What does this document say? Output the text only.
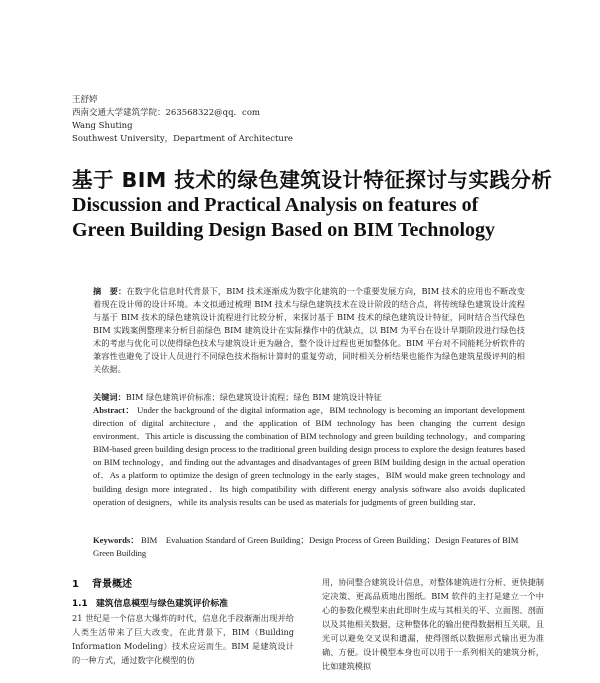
王舒婷
西南交通大学建筑学院：263568322@qq．com
Wang Shuting
Southwest University，Department of Architecture
基于 BIM 技术的绿色建筑设计特征探讨与实践分析
Discussion and Practical Analysis on features of
Green Building Design Based on BIM Technology
摘　要：在数字化信息时代背景下，BIM 技术逐渐成为数字化建筑的一个重要发展方向，BIM 技术的应用也不断改变着现在设计师的设计环境。本文拟通过梳理 BIM 技术与绿色建筑技术在设计阶段的结合点，将传统绿色建筑设计流程与基于 BIM 技术的绿色建筑设计流程进行比较分析，来探讨基于 BIM 技术的绿色建筑设计特征，同时结合当代绿色 BIM 实践案例整理来分析目前绿色 BIM 建筑设计在实际操作中的优缺点，以 BIM 为平台在设计早期阶段进行绿色技术的考虑与优化可以使得绿色技术与建筑设计更为融合，整个设计过程也更加整体化。BIM 平台对不同能耗分析软件的兼容性也避免了设计人员进行不同绿色技术指标计算时的重复劳动，同时相关分析结果也能作为绿色建筑星级评判的相关依据。
关键词：BIM 绿色建筑评价标准；绿色建筑设计流程；绿色 BIM 建筑设计特征
Abstract： Under the background of the digital information age，BIM technology is becoming an important development direction of digital architecture，and the application of BIM technology has been changing the current design environment．This article is discussing the combination of BIM technology and green building technology，and comparing BIM-based green building design process to the traditional green building design process to explore the design features based on BIM technology，and finding out the advantages and disadvantages of green BIM building design in the actual operation of．As a platform to optimize the design of green technology in the early stages，BIM would make green technology and building design more integrated．Its high compatibility with different energy analysis software also avoids duplicated operation of designers，while its analysis results can be used as materials for judgments of green building star．
Keywords： BIM　Evaluation Standard of Green Building；Design Process of Green Building；Design Features of BIM Green Building
1 背景概述
1.1 建筑信息模型与绿色建筑评价标准
21 世纪是一个信息大爆炸的时代，信息化手段渐渐出现并给人类生活带来了巨大改变，在此背景下，BIM（Building Information Modeling）技术应运而生。BIM 是建筑设计的一种方式，通过数字化模型的仿
用，协同整合建筑设计信息，对整体建筑进行分析、更快捷制定决策、更高品质地出图纸。BIM 软件的主打是建立一个中心的参数化模型来由此即时生成与其相关的平、立面图、剖面以及其他相关数据，这种整体化的输出使得数据相互关联，且光可以避免交叉误和遗漏，使得图纸以数据形式输出更为准确、方便。设计模型本身也可以用于一系列相关的建筑分析，比如建筑模拟
